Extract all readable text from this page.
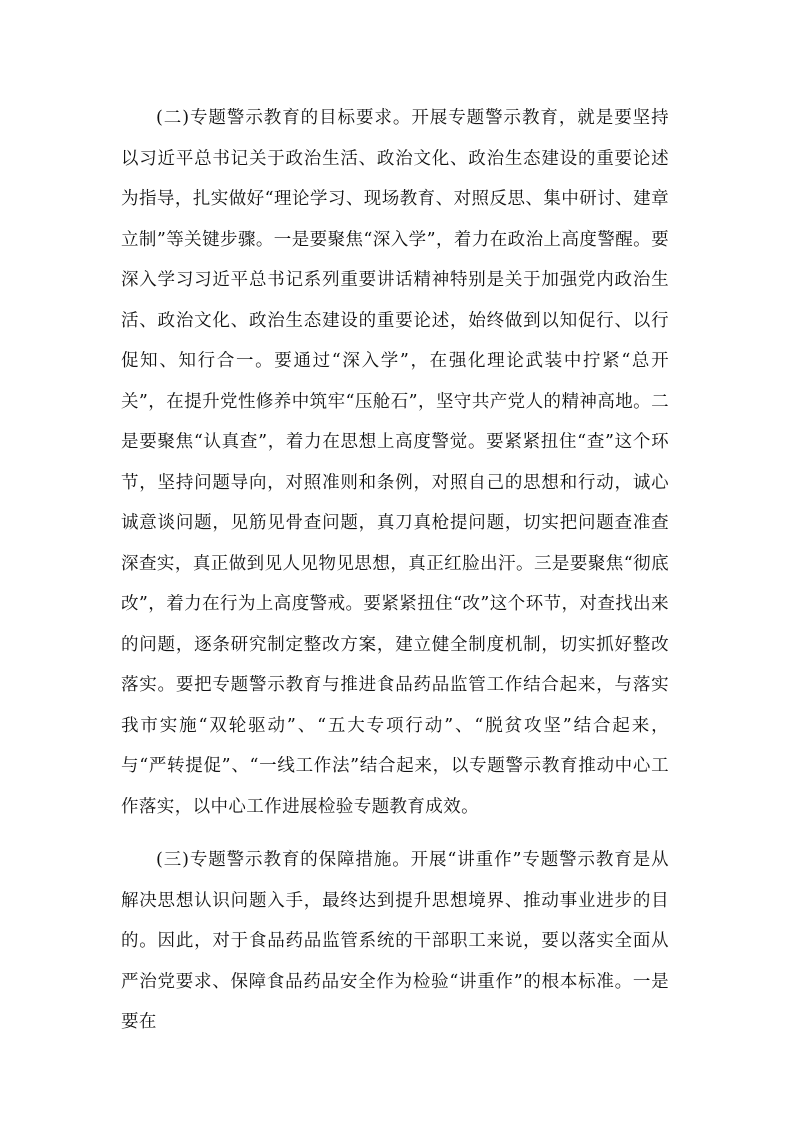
(二)专题警示教育的目标要求。开展专题警示教育，就是要坚持以习近平总书记关于政治生活、政治文化、政治生态建设的重要论述为指导，扎实做好“理论学习、现场教育、对照反思、集中研讨、建章立制”等关键步骤。一是要聚焦“深入学”，着力在政治上高度警醒。要深入学习习近平总书记系列重要讲话精神特别是关于加强党内政治生活、政治文化、政治生态建设的重要论述，始终做到以知促行、以行促知、知行合一。要通过“深入学”，在强化理论武装中拧紧“总开关”，在提升党性修养中筑牢“压舱石”，坚守共产党人的精神高地。二是要聚焦“认真查”，着力在思想上高度警觉。要紧紧扭住“查”这个环节，坚持问题导向，对照准则和条例，对照自己的思想和行动，诚心诚意谈问题，见筋见骨查问题，真刀真枪提问题，切实把问题查准查深查实，真正做到见人见物见思想，真正红脸出汗。三是要聚焦“彻底改”，着力在行为上高度警戒。要紧紧扭住“改”这个环节，对查找出来的问题，逐条研究制定整改方案，建立健全制度机制，切实抓好整改落实。要把专题警示教育与推进食品药品监管工作结合起来，与落实我市实施“双轮驱动”、“五大专项行动”、“脱贫攻坚”结合起来，与“严转提促”、“一线工作法”结合起来，以专题警示教育推动中心工作落实，以中心工作进展检验专题教育成效。

(三)专题警示教育的保障措施。开展“讲重作”专题警示教育是从解决思想认识问题入手，最终达到提升思想境界、推动事业进步的目的。因此，对于食品药品监管系统的干部职工来说，要以落实全面从严治党要求、保障食品药品安全作为检验“讲重作”的根本标准。一是要在
